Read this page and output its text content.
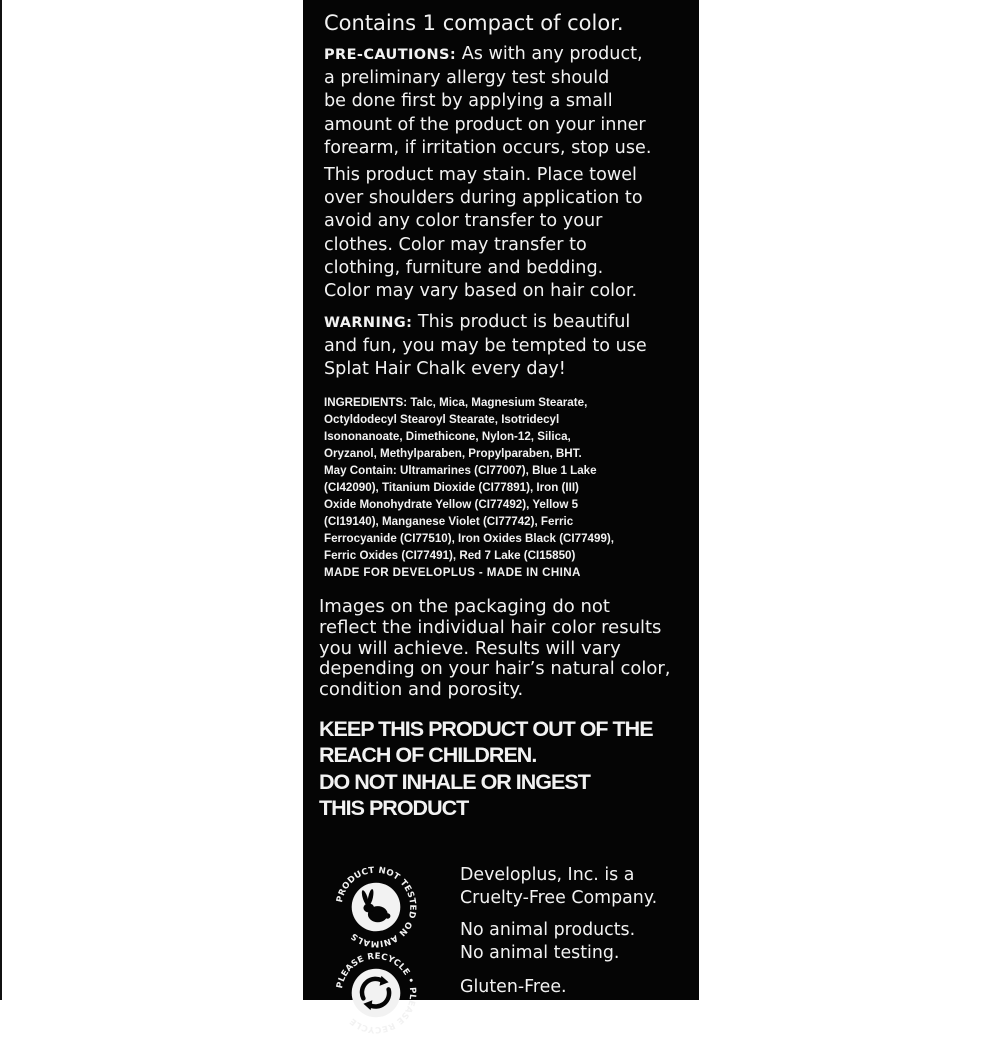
Contains 1 compact of color.

PRE-CAUTIONS: As with any product,
a preliminary allergy test should
be done first by applying a small
amount of the product on your inner
forearm, if irritation occurs, stop use.
This product may stain. Place towel
over shoulders during application to
avoid any color transfer to your
clothes. Color may transfer to
clothing, furniture and bedding.
Color may vary based on hair color.
WARNING: This product is beautiful
and fun, you may be tempted to use
Splat Hair Chalk every day!
INGREDIENTS: Talc, Mica, Magnesium Stearate,
Octyldodecyl Stearoyl Stearate, Isotridecyl
Isononanoate, Dimethicone, Nylon-12, Silica,
Oryzanol, Methylparaben, Propylparaben, BHT.
May Contain: Ultramarines (CI77007), Blue 1 Lake
(CI42090), Titanium Dioxide (CI77891), Iron (III)
Oxide Monohydrate Yellow (CI77492), Yellow 5
(CI19140), Manganese Violet (CI77742), Ferric
Ferrocyanide (CI77510), Iron Oxides Black (CI77499),
Ferric Oxides (CI77491), Red 7 Lake (CI15850)
MADE FOR DEVELOPLUS - MADE IN CHINA
Images on the packaging do not
reflect the individual hair color results
you will achieve. Results will vary
depending on your hair’s natural color,
condition and porosity.
KEEP THIS PRODUCT OUT OF THE
REACH OF CHILDREN.
DO NOT INHALE OR INGEST
THIS PRODUCT
PRODUCT NOT TESTED ON ANIMALS
PLEASE RECYCLE • PLEASE RECYCLE
Developlus, Inc. is a
Cruelty-Free Company.
No animal products.
No animal testing.

Gluten-Free.
